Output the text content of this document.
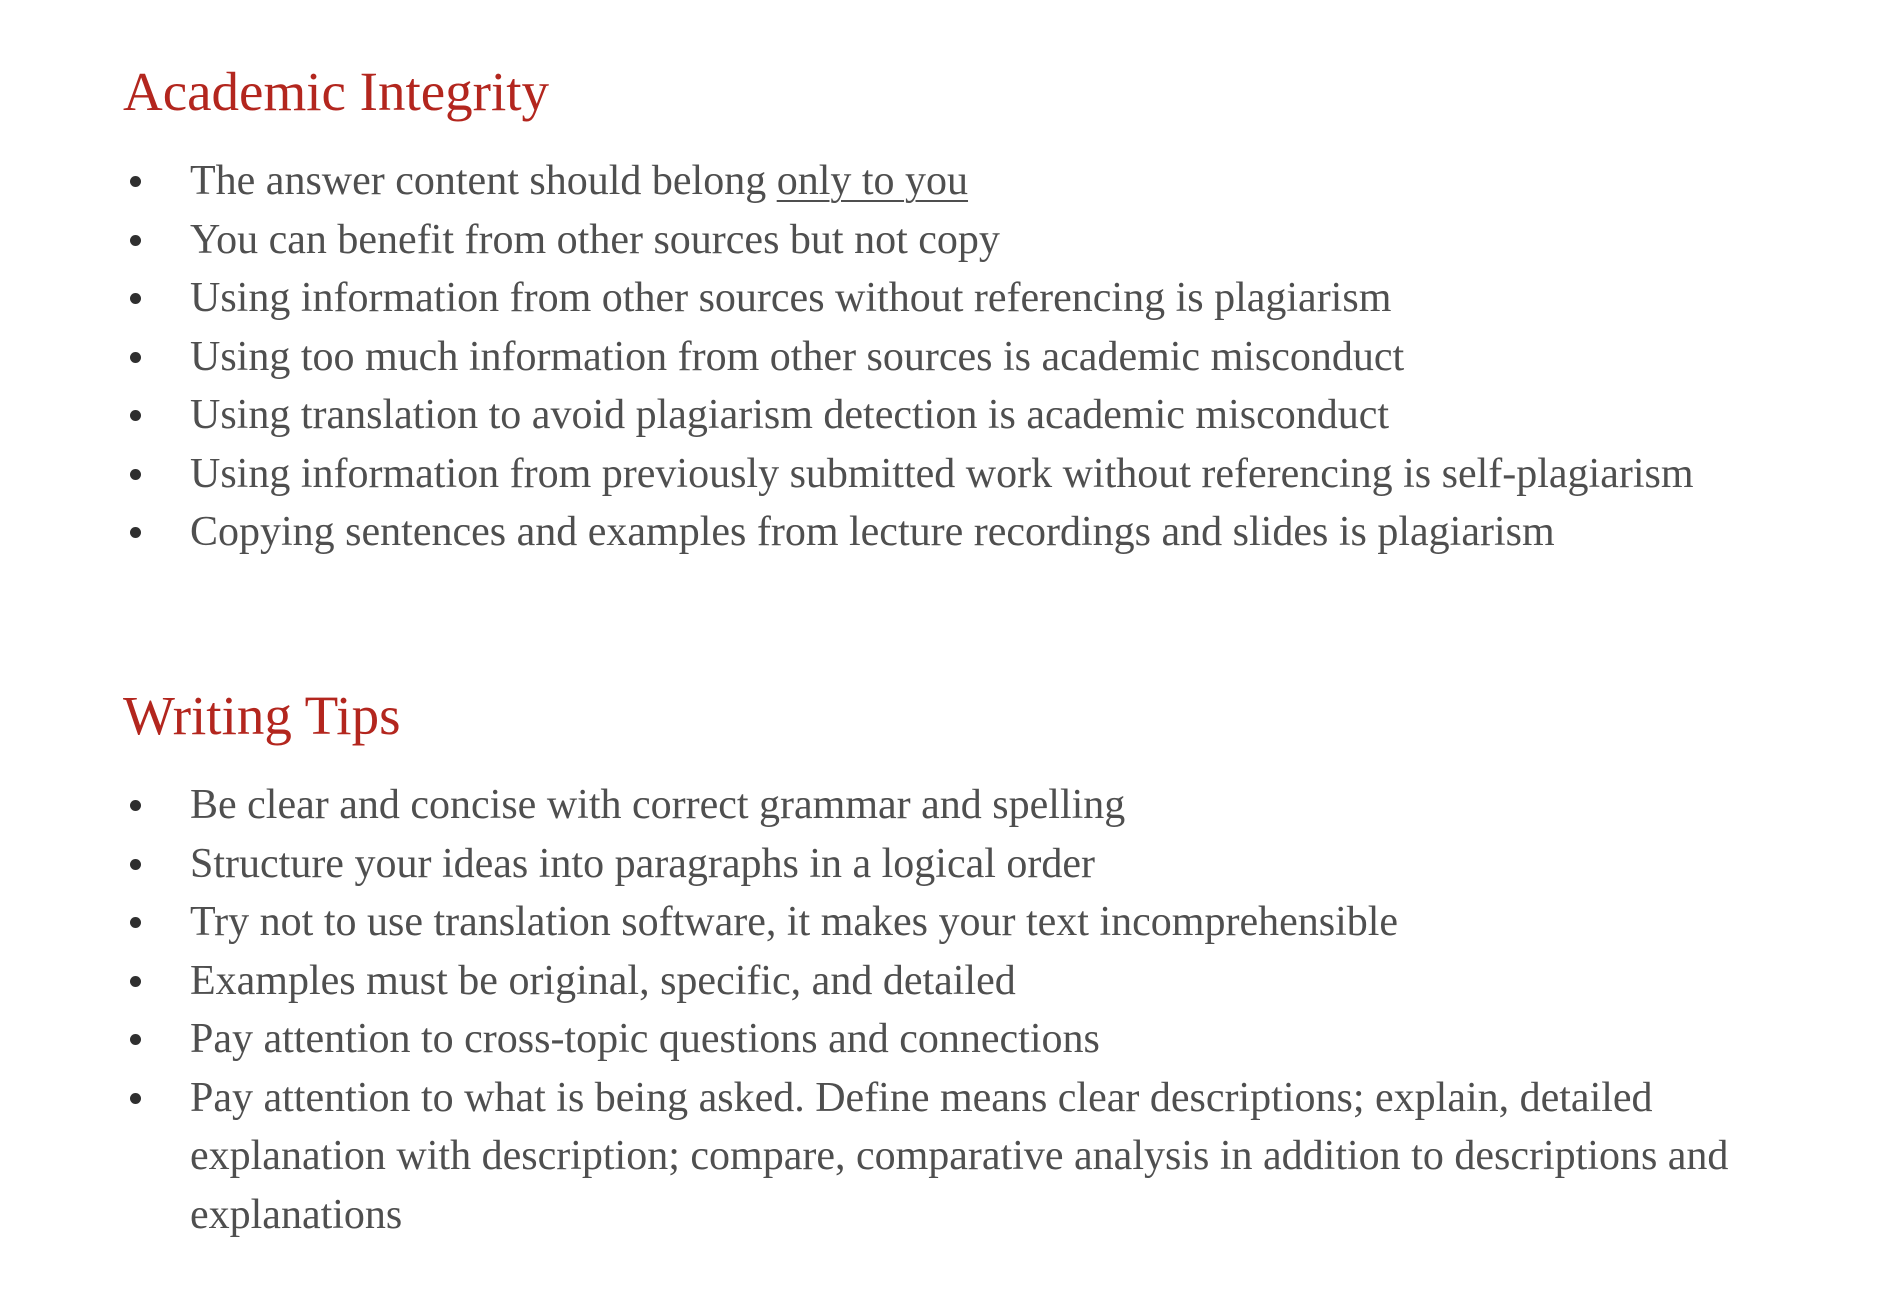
Academic Integrity
The answer content should belong only to you
You can benefit from other sources but not copy
Using information from other sources without referencing is plagiarism
Using too much information from other sources is academic misconduct
Using translation to avoid plagiarism detection is academic misconduct
Using information from previously submitted work without referencing is self-plagiarism
Copying sentences and examples from lecture recordings and slides is plagiarism
Writing Tips
Be clear and concise with correct grammar and spelling
Structure your ideas into paragraphs in a logical order
Try not to use translation software, it makes your text incomprehensible
Examples must be original, specific, and detailed
Pay attention to cross-topic questions and connections
Pay attention to what is being asked. Define means clear descriptions; explain, detailed explanation with description; compare, comparative analysis in addition to descriptions and explanations
